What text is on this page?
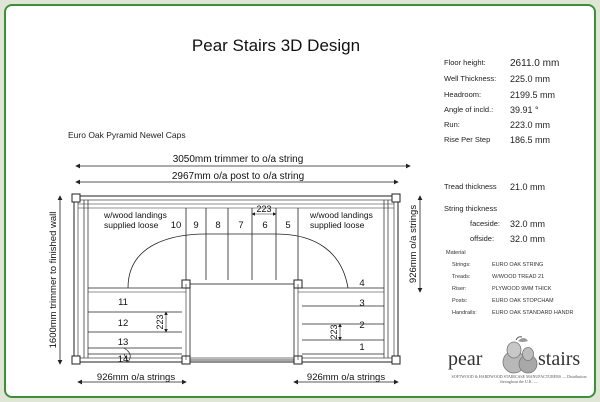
Pear Stairs 3D Design
Euro Oak Pyramid Newel Caps
Floor height: 2611.0 mm
Well Thickness: 225.0 mm
Headroom:	2199.5 mm
Angle of incld.: 39.91 °
Run:	223.0 mm
Rise Per Step 186.5 mm
Tread thickness 21.0 mm
String thickness
faceside: 32.0 mm
offside: 32.0 mm
Material
Strings:	EURO OAK STRING
Treads:	W/WOOD TREAD 21
Riser:	PLYWOOD 9MM THICK
Posts:	EURO OAK STOPCHAM
Handrails:	EURO OAK STANDARD HANDR
pear	stairs
SOFTWOOD & HARDWOOD STAIRCASE MANUFACTURERS — Distribution throughout the U.K. —
3050mm trimmer to o/a string
2967mm o/a post to o/a string
w/wood landings
supplied loose
w/wood landings
supplied loose
223
10 9 8 7 6 5
11
12
13
14
4
3
2
1
223
223
926mm o/a strings
1600mm trimmer to finished wall
926mm o/a strings	926mm o/a strings
